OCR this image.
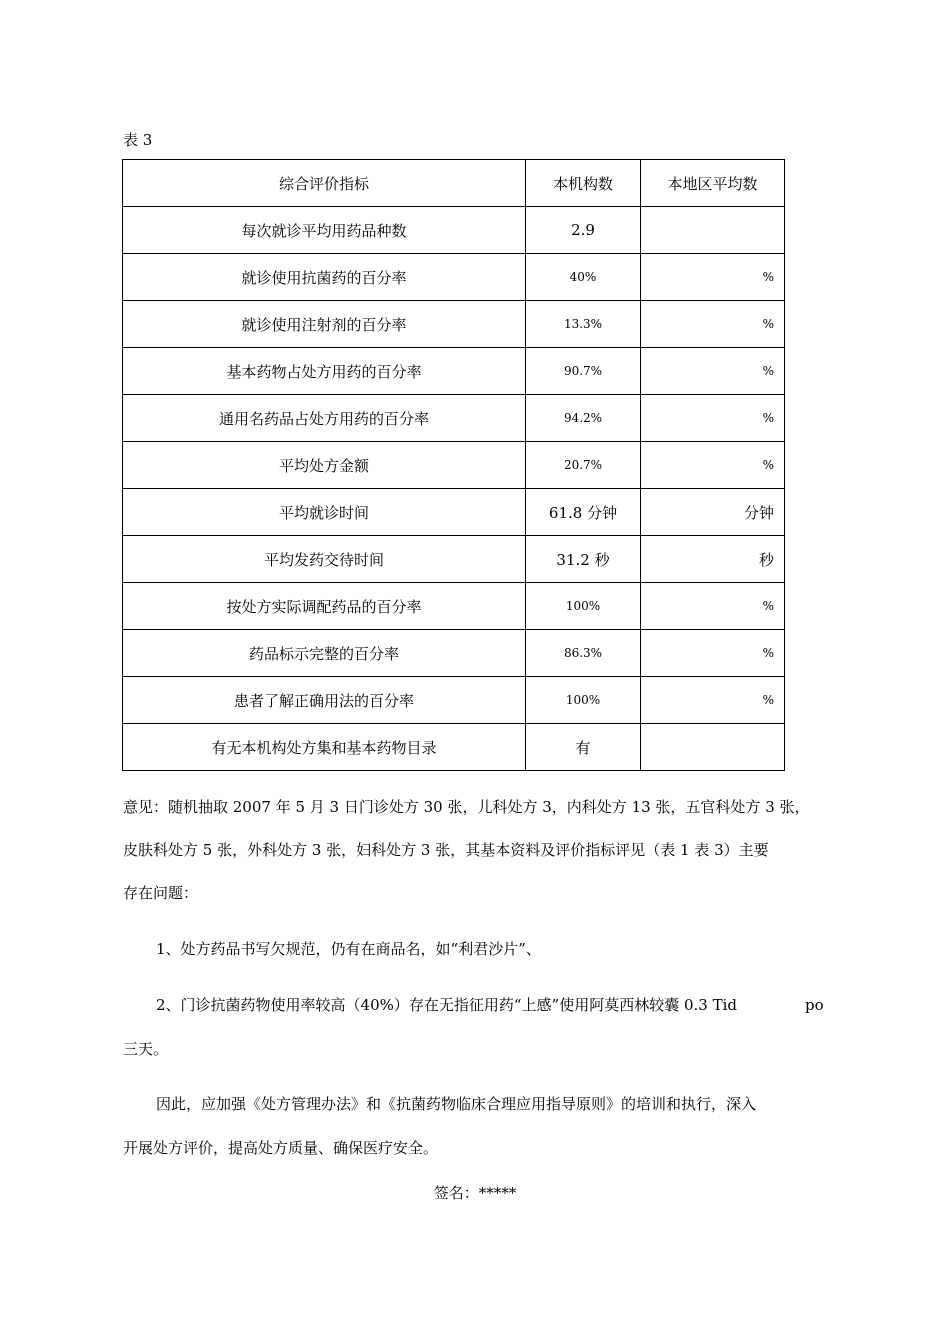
表 3
综合评价指标	本机构数	本地区平均数
每次就诊平均用药品种数	2.9	
就诊使用抗菌药的百分率	40%	%
就诊使用注射剂的百分率	13.3%	%
基本药物占处方用药的百分率	90.7%	%
通用名药品占处方用药的百分率	94.2%	%
平均处方金额	20.7%	%
平均就诊时间	61.8 分钟	分钟
平均发药交待时间	31.2 秒	秒
按处方实际调配药品的百分率	100%	%
药品标示完整的百分率	86.3%	%
患者了解正确用法的百分率	100%	%
有无本机构处方集和基本药物目录	有	
意见：随机抽取 2007 年 5 月 3 日门诊处方 30 张，儿科处方 3，内科处方 13 张，五官科处方 3 张，
皮肤科处方 5 张，外科处方 3 张，妇科处方 3 张，其基本资料及评价指标评见（表 1 表 3）主要
存在问题：
1、处方药品书写欠规范，仍有在商品名，如“利君沙片”、
2、门诊抗菌药物使用率较高（40%）存在无指征用药“上感”使用阿莫西林较囊 0.3 Tid	po
三天。
因此，应加强《处方管理办法》和《抗菌药物临床合理应用指导原则》的培训和执行，深入
开展处方评价，提高处方质量、确保医疗安全。
签名：*****
